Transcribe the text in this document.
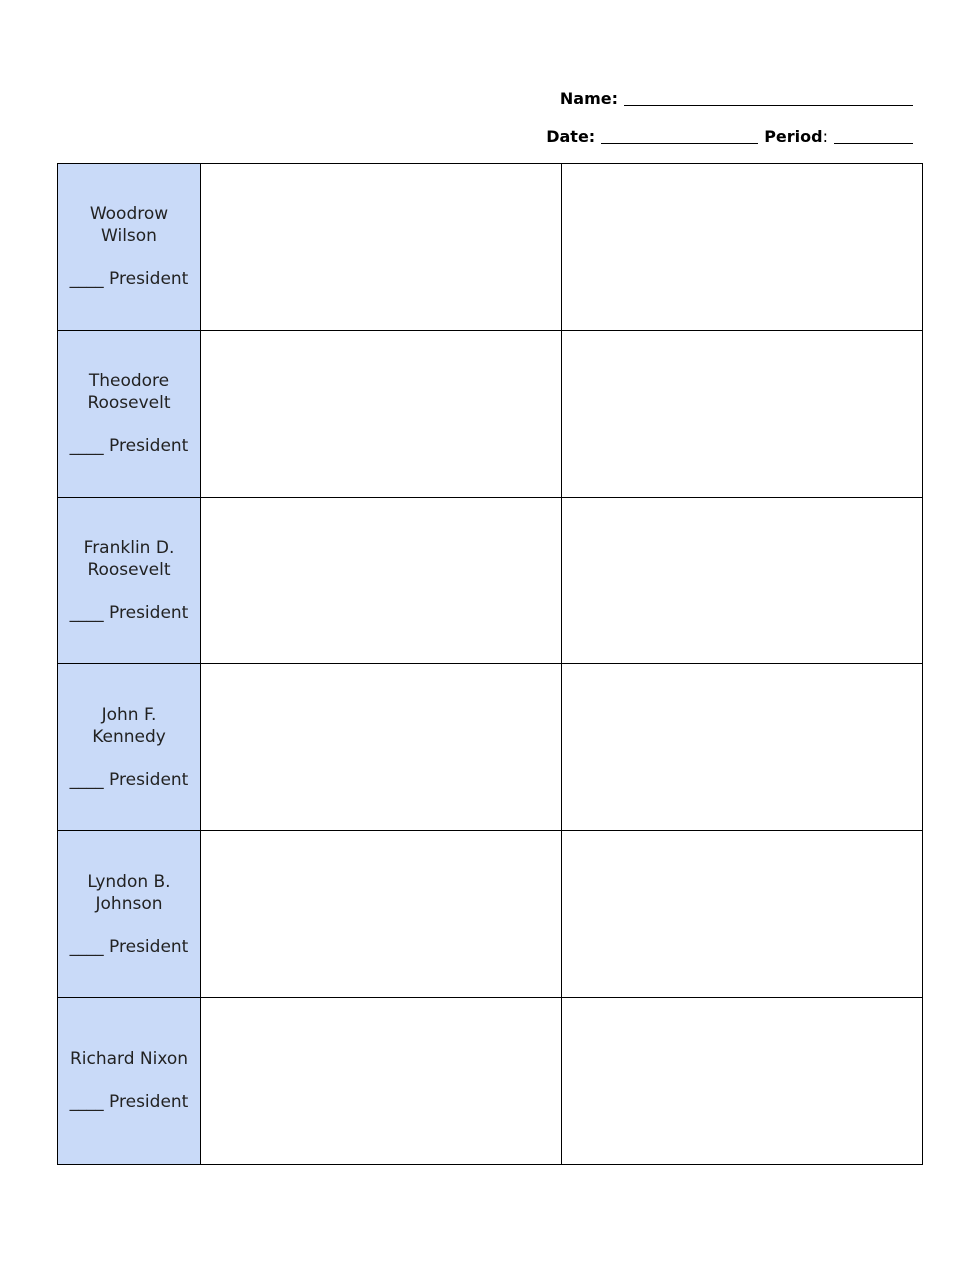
Name:
Date:	Period :
Woodrow
Wilson
____ President		

Theodore
Roosevelt
____ President		

Franklin D.
Roosevelt
____ President		

John F.
Kennedy
____ President		

Lyndon B.
Johnson
____ President		

Richard Nixon
____ President		
